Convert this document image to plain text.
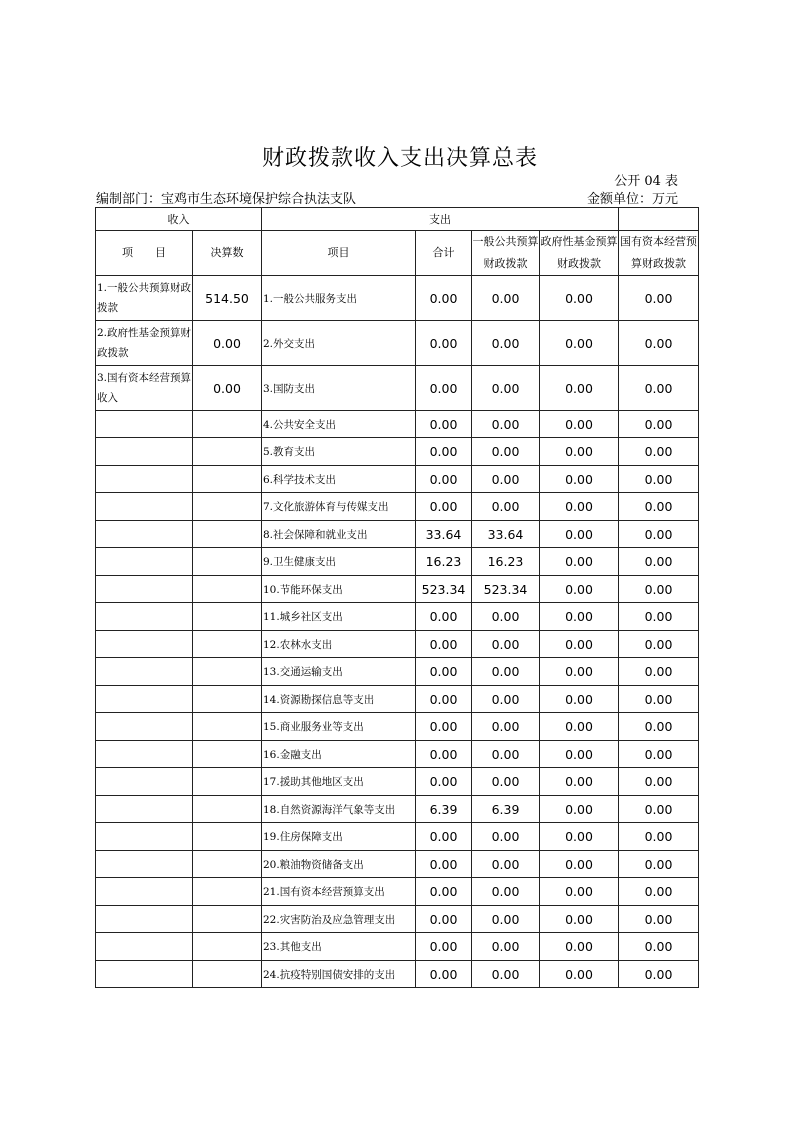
财政拨款收入支出决算总表
公开 04 表
编制部门：宝鸡市生态环境保护综合执法支队	金额单位：万元
收入		支出				
项　　目	决算数	项目	合计	一般公共预算财政拨款	政府性基金预算财政拨款	国有资本经营预算财政拨款
1.一般公共预算财政拨款	514.50	1.一般公共服务支出	0.00	0.00	0.00	0.00
2.政府性基金预算财政拨款	0.00	2.外交支出	0.00	0.00	0.00	0.00
3.国有资本经营预算收入	0.00	3.国防支出	0.00	0.00	0.00	0.00
		4.公共安全支出	0.00	0.00	0.00	0.00
		5.教育支出	0.00	0.00	0.00	0.00
		6.科学技术支出	0.00	0.00	0.00	0.00
		7.文化旅游体育与传媒支出	0.00	0.00	0.00	0.00
		8.社会保障和就业支出	33.64	33.64	0.00	0.00
		9.卫生健康支出	16.23	16.23	0.00	0.00
		10.节能环保支出	523.34	523.34	0.00	0.00
		11.城乡社区支出	0.00	0.00	0.00	0.00
		12.农林水支出	0.00	0.00	0.00	0.00
		13.交通运输支出	0.00	0.00	0.00	0.00
		14.资源勘探信息等支出	0.00	0.00	0.00	0.00
		15.商业服务业等支出	0.00	0.00	0.00	0.00
		16.金融支出	0.00	0.00	0.00	0.00
		17.援助其他地区支出	0.00	0.00	0.00	0.00
		18.自然资源海洋气象等支出	6.39	6.39	0.00	0.00
		19.住房保障支出	0.00	0.00	0.00	0.00
		20.粮油物资储备支出	0.00	0.00	0.00	0.00
		21.国有资本经营预算支出	0.00	0.00	0.00	0.00
		22.灾害防治及应急管理支出	0.00	0.00	0.00	0.00
		23.其他支出	0.00	0.00	0.00	0.00
		24.抗疫特别国债安排的支出	0.00	0.00	0.00	0.00
